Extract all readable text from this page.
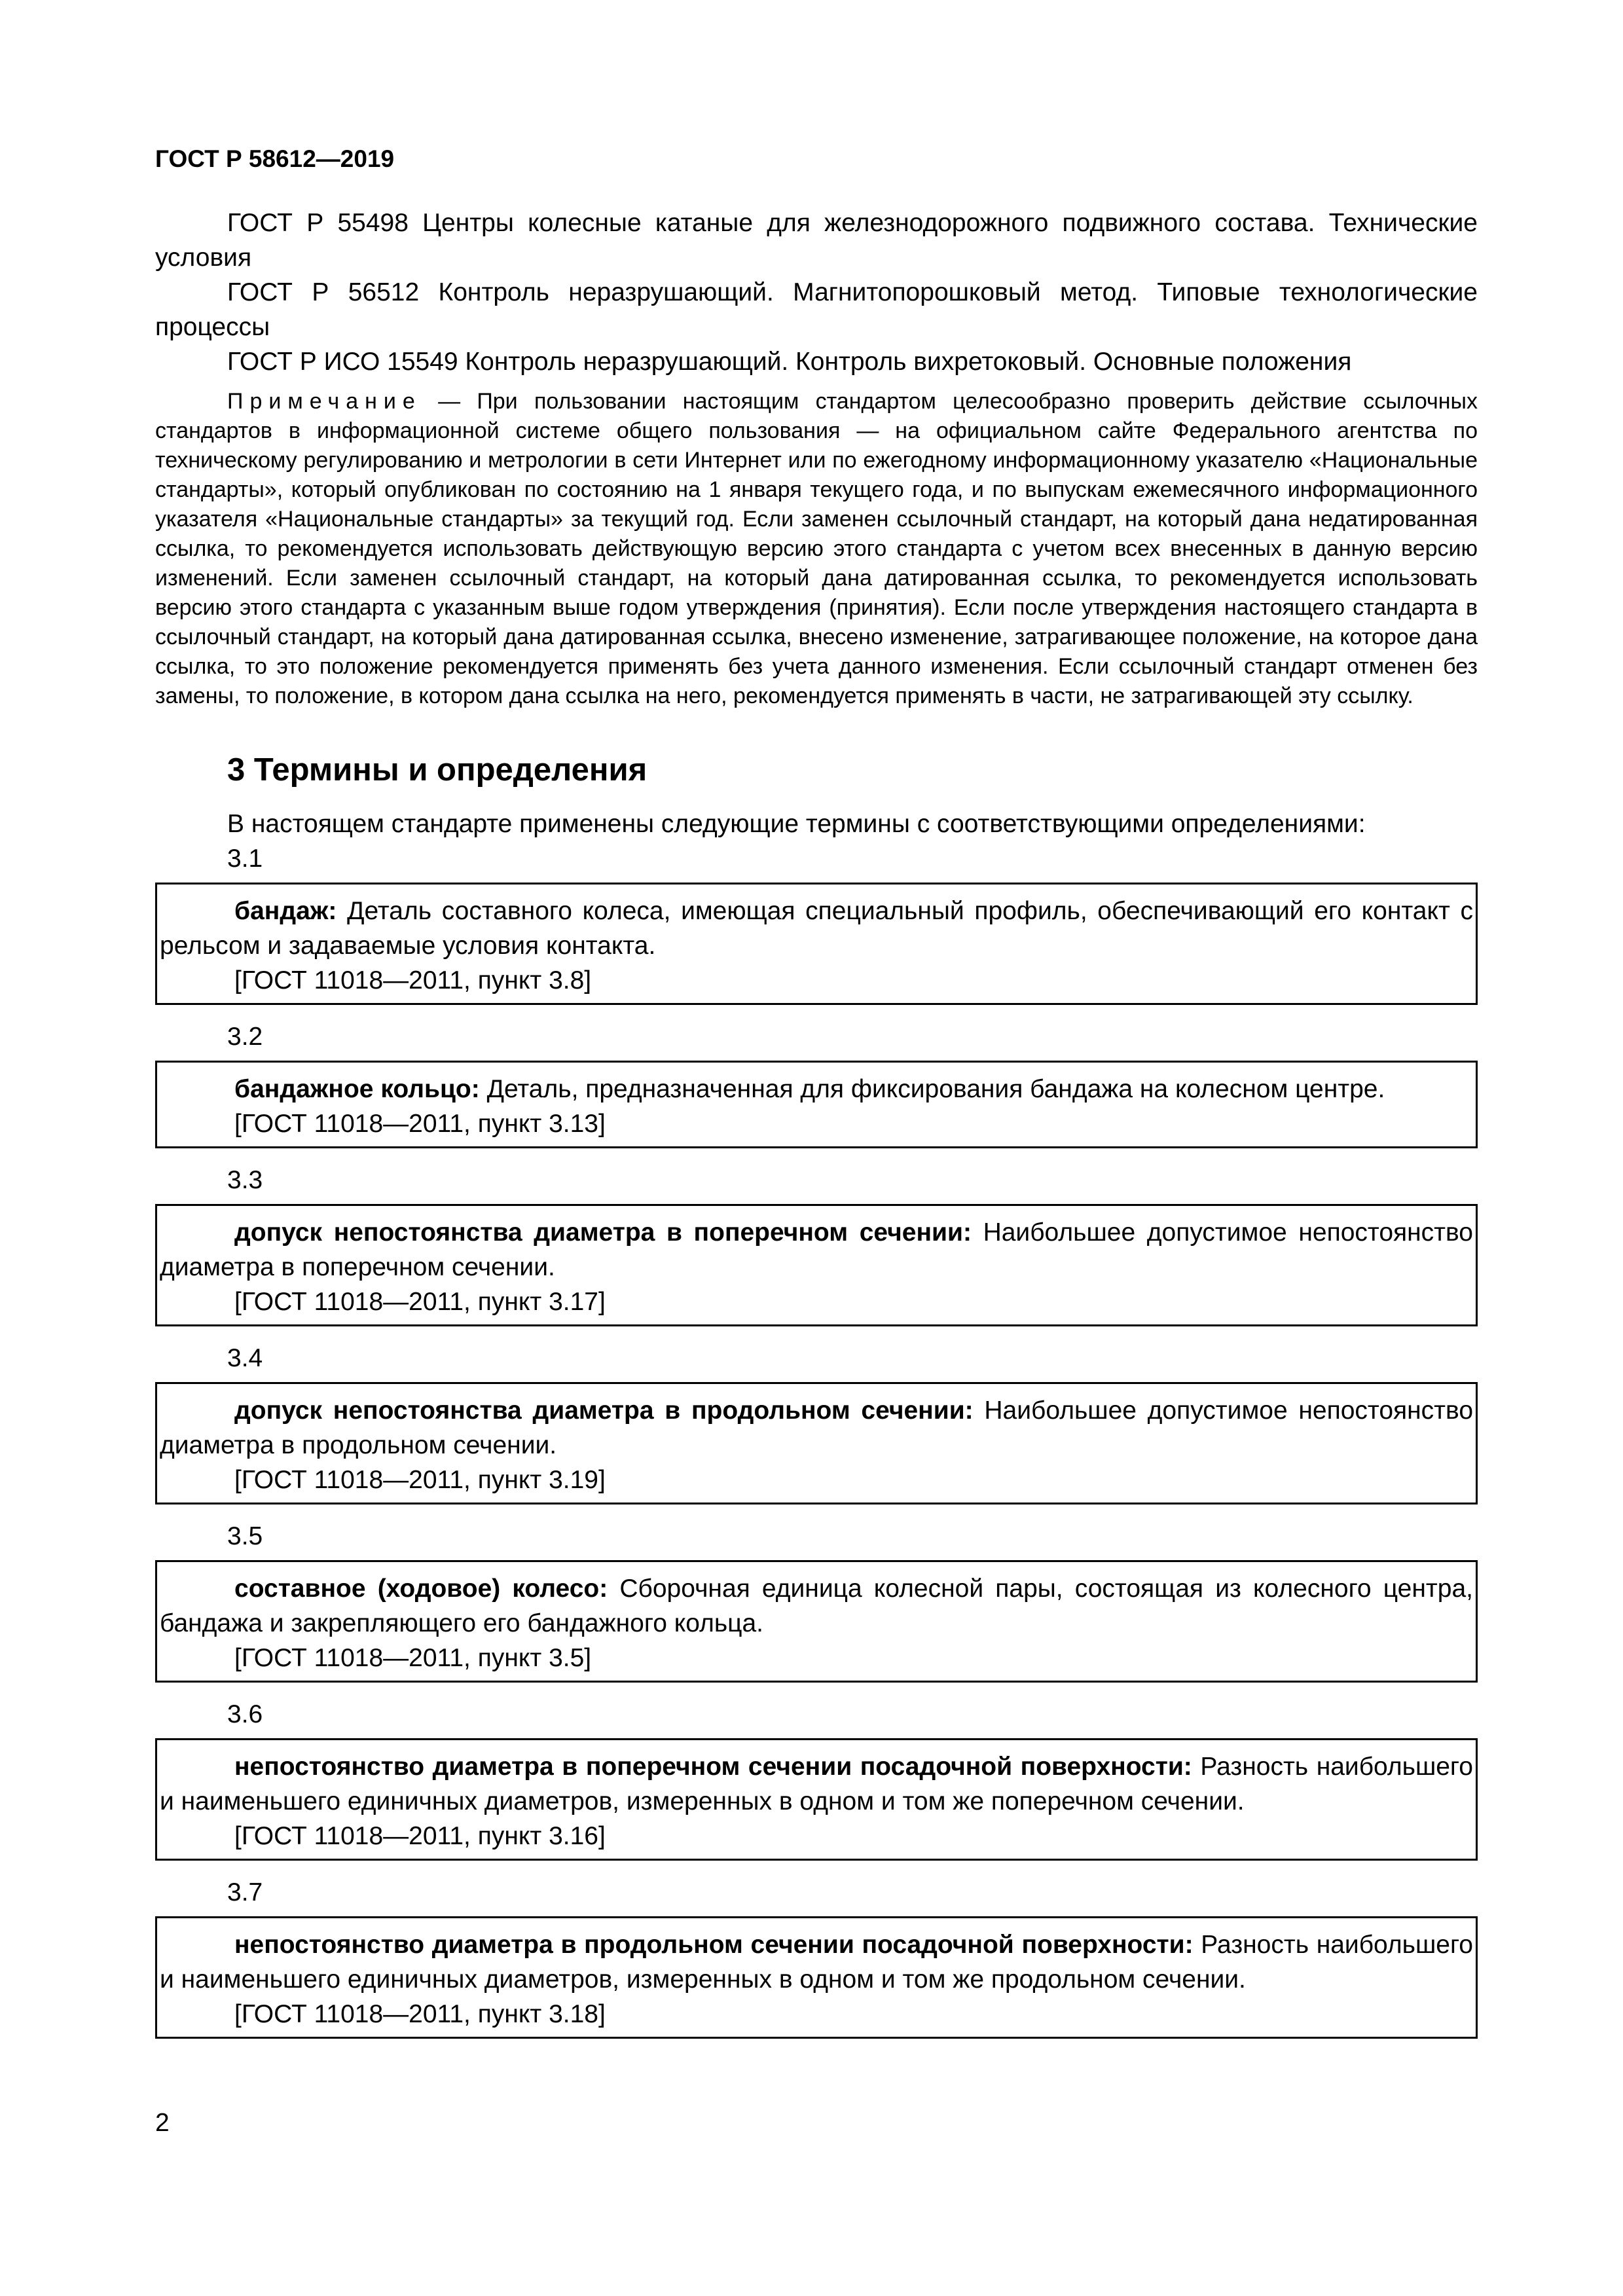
ГОСТ Р 58612—2019

ГОСТ Р 55498 Центры колесные катаные для железнодорожного подвижного состава. Технические условия

ГОСТ Р 56512 Контроль неразрушающий. Магнитопорошковый метод. Типовые технологические процессы

ГОСТ Р ИСО 15549 Контроль неразрушающий. Контроль вихретоковый. Основные положения

Примечание — При пользовании настоящим стандартом целесообразно проверить действие ссылочных стандартов в информационной системе общего пользования — на официальном сайте Федерального агентства по техническому регулированию и метрологии в сети Интернет или по ежегодному информационному указателю «Национальные стандарты», который опубликован по состоянию на 1 января текущего года, и по выпускам ежемесячного информационного указателя «Национальные стандарты» за текущий год. Если заменен ссылочный стандарт, на который дана недатированная ссылка, то рекомендуется использовать действующую версию этого стандарта с учетом всех внесенных в данную версию изменений. Если заменен ссылочный стандарт, на который дана датированная ссылка, то рекомендуется использовать версию этого стандарта с указанным выше годом утверждения (принятия). Если после утверждения настоящего стандарта в ссылочный стандарт, на который дана датированная ссылка, внесено изменение, затрагивающее положение, на которое дана ссылка, то это положение рекомендуется применять без учета данного изменения. Если ссылочный стандарт отменен без замены, то положение, в котором дана ссылка на него, рекомендуется применять в части, не затрагивающей эту ссылку.

3 Термины и определения

В настоящем стандарте применены следующие термины с соответствующими определениями:

3.1

бандаж: Деталь составного колеса, имеющая специальный профиль, обеспечивающий его контакт с рельсом и задаваемые условия контакта.

[ГОСТ 11018—2011, пункт 3.8]

3.2

бандажное кольцо: Деталь, предназначенная для фиксирования бандажа на колесном центре.

[ГОСТ 11018—2011, пункт 3.13]

3.3

допуск непостоянства диаметра в поперечном сечении: Наибольшее допустимое непостоянство диаметра в поперечном сечении.

[ГОСТ 11018—2011, пункт 3.17]

3.4

допуск непостоянства диаметра в продольном сечении: Наибольшее допустимое непостоянство диаметра в продольном сечении.

[ГОСТ 11018—2011, пункт 3.19]

3.5

составное (ходовое) колесо: Сборочная единица колесной пары, состоящая из колесного центра, бандажа и закрепляющего его бандажного кольца.

[ГОСТ 11018—2011, пункт 3.5]

3.6

непостоянство диаметра в поперечном сечении посадочной поверхности: Разность наибольшего и наименьшего единичных диаметров, измеренных в одном и том же поперечном сечении.

[ГОСТ 11018—2011, пункт 3.16]

3.7

непостоянство диаметра в продольном сечении посадочной поверхности: Разность наибольшего и наименьшего единичных диаметров, измеренных в одном и том же продольном сечении.

[ГОСТ 11018—2011, пункт 3.18]

2
